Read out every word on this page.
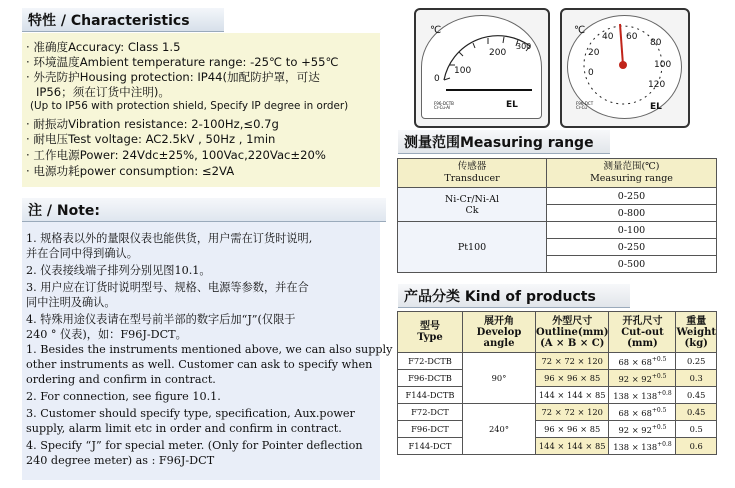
特性 / Characteristics
· 准确度Accuracy: Class 1.5
· 环境温度Ambient temperature range: -25℃ to +55℃
· 外壳防护Housing protection: IP44(加配防护罩，可达
IP56；须在订货中注明)。
(Up to IP56 with protection shield, Specify IP degree in order)
· 耐振动Vibration resistance: 2-100Hz,≤0.7g
· 耐电压Test voltage: AC2.5kV , 50Hz , 1min
· 工作电源Power: 24Vdc±25%, 100Vac,220Vac±20%
· 电源功耗power consumption: ≤2VA
注 / Note:
1. 规格表以外的量限仪表也能供货，用户需在订货时说明,
并在合同中得到确认。
2. 仪表接线端子排列分别见图10.1。
3. 用户应在订货时说明型号、规格、电源等参数，并在合
同中注明及确认。
4. 特殊用途仪表请在型号前半部的数字后加“J”(仅限于
240 ° 仪表)，如：F96J-DCT。
1. Besides the instruments mentioned above, we can also supply
other instruments as well. Customer can ask to specify when
ordering and confirm in contract.
2. For connection, see figure 10.1.
3. Customer should specify type, specification, Aux.power
supply, alarm limit etc in order and confirm in contract.
4. Specify “J” for special meter. (Only for Pointer deflection
240 degree meter) as : F96J-DCT
℃
100
200
300
0
F96-DCTB
Cr-Cu-Al	EL
℃
40 60
80
20
100
0
120
F96-DCT
Cr-Cu	EL
测量范围Measuring range
传感器
Transducer	测量范围(℃)
Measuring range
Ni-Cr/Ni-Al
Ck	0-250
	0-800
Pt100	0-100
	0-250
	0-500
产品分类 Kind of products
型号
Type	展开角
Develop angle	外型尺寸
Outline(mm)
(A × B × C)	开孔尺寸
Cut-out
(mm)	重量
Weight
(kg)
F72-DCTB	90°	72 × 72 × 120	$68 \times 68^{+0.5}$	0.25
F96-DCTB		96 × 96 × 85	$92 \times 92^{+0.5}$	0.3
F144-DCTB		144 × 144 × 85	$138 \times 138^{+0.8}$	0.45
F72-DCT	240°	72 × 72 × 120	$68 \times 68^{+0.5}$	0.45
F96-DCT		96 × 96 × 85	$92 \times 92^{+0.5}$	0.5
F144-DCT		144 × 144 × 85	$138 \times 138^{+0.8}$	0.6
